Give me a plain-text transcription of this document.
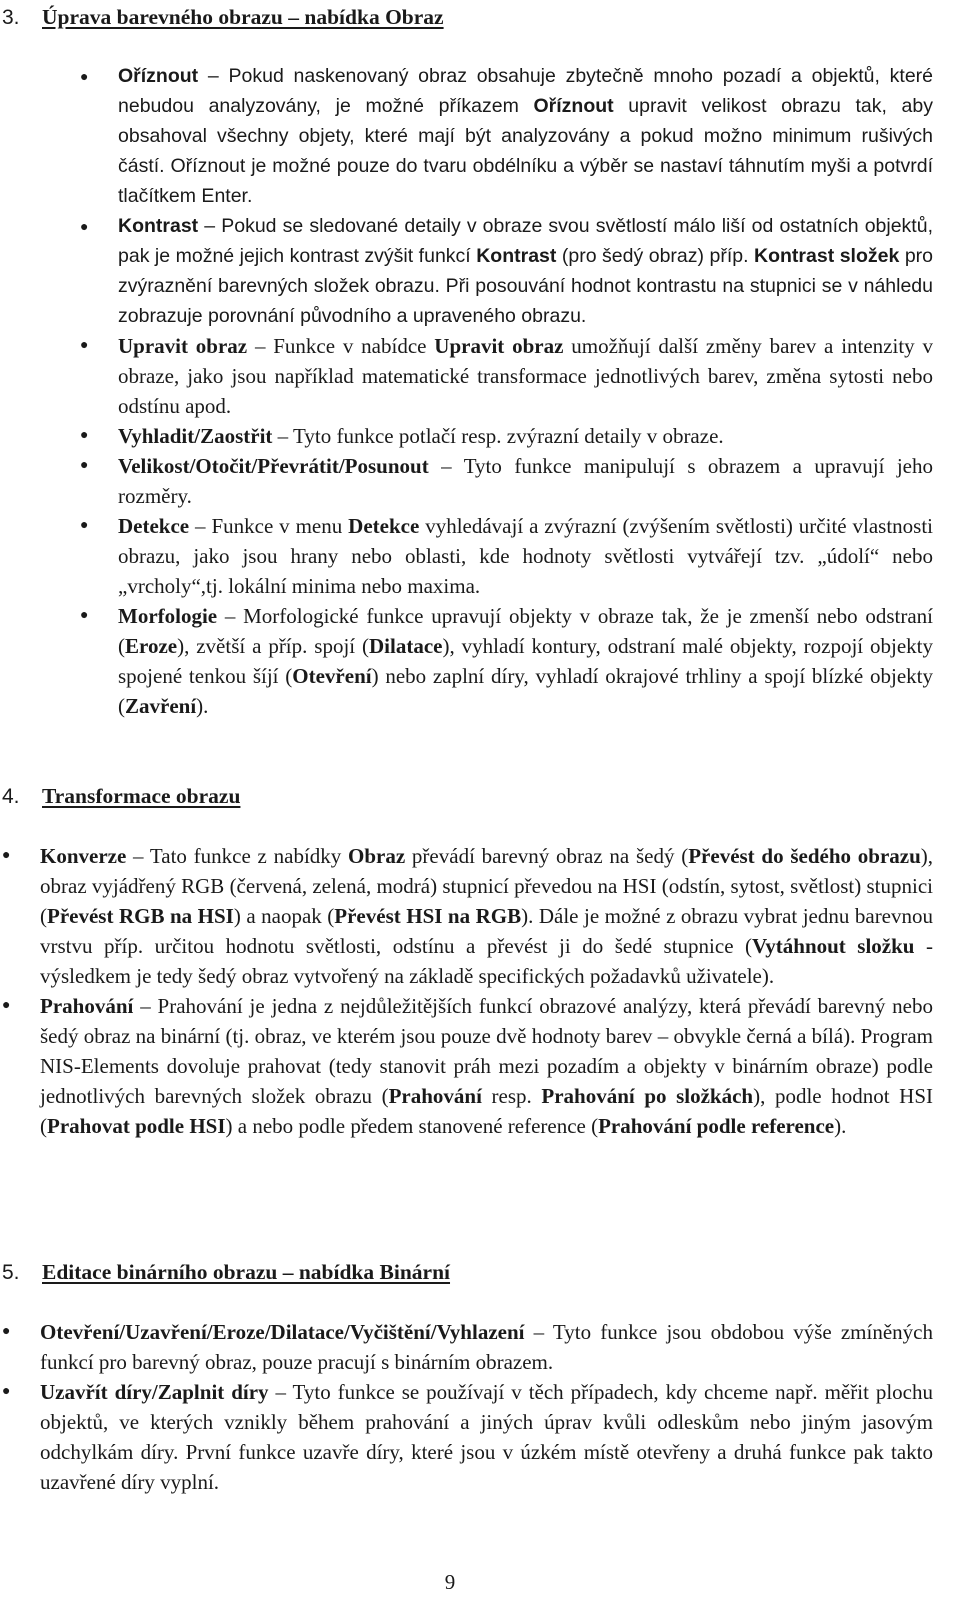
3. Úprava barevného obrazu – nabídka Obraz
● Oříznout – Pokud naskenovaný obraz obsahuje zbytečně mnoho pozadí a objektů, které nebudou analyzovány, je možné příkazem Oříznout upravit velikost obrazu tak, aby obsahoval všechny objety, které mají být analyzovány a pokud možno minimum rušivých částí. Oříznout je možné pouze do tvaru obdélníku a výběr se nastaví táhnutím myši a potvrdí tlačítkem Enter.
● Kontrast – Pokud se sledované detaily v obraze svou světlostí málo liší od ostatních objektů, pak je možné jejich kontrast zvýšit funkcí Kontrast (pro šedý obraz) příp. Kontrast složek pro zvýraznění barevných složek obrazu. Při posouvání hodnot kontrastu na stupnici se v náhledu zobrazuje porovnání původního a upraveného obrazu.
● Upravit obraz – Funkce v nabídce Upravit obraz umožňují další změny barev a intenzity v obraze, jako jsou například matematické transformace jednotlivých barev, změna sytosti nebo odstínu apod.
● Vyhladit/Zaostřit – Tyto funkce potlačí resp. zvýrazní detaily v obraze.
● Velikost/Otočit/Převrátit/Posunout – Tyto funkce manipulují s obrazem a upravují jeho rozměry.
● Detekce – Funkce v menu Detekce vyhledávají a zvýrazní (zvýšením světlosti) určité vlastnosti obrazu, jako jsou hrany nebo oblasti, kde hodnoty světlosti vytvářejí tzv. „údolí“ nebo „vrcholy“,tj. lokální minima nebo maxima.
● Morfologie – Morfologické funkce upravují objekty v obraze tak, že je zmenší nebo odstraní (Eroze), zvětší a příp. spojí (Dilatace), vyhladí kontury, odstraní malé objekty, rozpojí objekty spojené tenkou šíjí (Otevření) nebo zaplní díry, vyhladí okrajové trhliny a spojí blízké objekty (Zavření).
4. Transformace obrazu
● Konverze – Tato funkce z nabídky Obraz převádí barevný obraz na šedý (Převést do šedého obrazu), obraz vyjádřený RGB (červená, zelená, modrá) stupnicí převedou na HSI (odstín, sytost, světlost) stupnici (Převést RGB na HSI) a naopak (Převést HSI na RGB). Dále je možné z obrazu vybrat jednu barevnou vrstvu příp. určitou hodnotu světlosti, odstínu a převést ji do šedé stupnice (Vytáhnout složku - výsledkem je tedy šedý obraz vytvořený na základě specifických požadavků uživatele).
● Prahování – Prahování je jedna z nejdůležitějších funkcí obrazové analýzy, která převádí barevný nebo šedý obraz na binární (tj. obraz, ve kterém jsou pouze dvě hodnoty barev – obvykle černá a bílá). Program NIS-Elements dovoluje prahovat (tedy stanovit práh mezi pozadím a objekty v binárním obraze) podle jednotlivých barevných složek obrazu (Prahování resp. Prahování po složkách), podle hodnot HSI (Prahovat podle HSI) a nebo podle předem stanovené reference (Prahování podle reference).
5. Editace binárního obrazu – nabídka Binární
● Otevření/Uzavření/Eroze/Dilatace/Vyčištění/Vyhlazení – Tyto funkce jsou obdobou výše zmíněných funkcí pro barevný obraz, pouze pracují s binárním obrazem.
● Uzavřít díry/Zaplnit díry – Tyto funkce se používají v těch případech, kdy chceme např. měřit plochu objektů, ve kterých vznikly během prahování a jiných úprav kvůli odleskům nebo jiným jasovým odchylkám díry. První funkce uzavře díry, které jsou v úzkém místě otevřeny a druhá funkce pak takto uzavřené díry vyplní.
9
